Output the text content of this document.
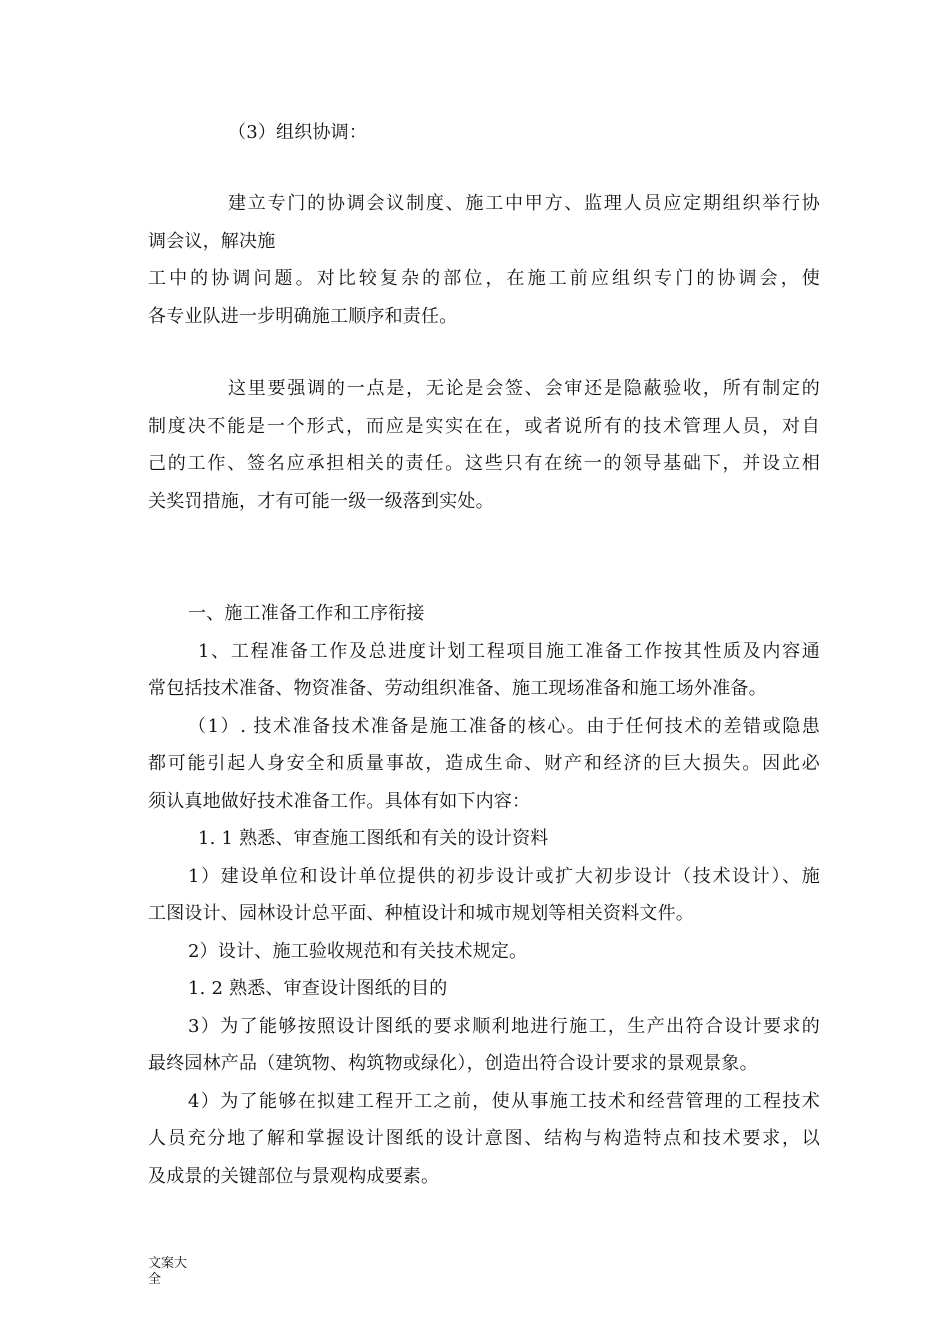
（3）组织协调：
建立专门的协调会议制度、施工中甲方、监理人员应定期组织举行协
调会议，解决施
工中的协调问题。对比较复杂的部位，在施工前应组织专门的协调会，使
各专业队进一步明确施工顺序和责任。
这里要强调的一点是，无论是会签、会审还是隐蔽验收，所有制定的
制度决不能是一个形式，而应是实实在在，或者说所有的技术管理人员，对自
己的工作、签名应承担相关的责任。这些只有在统一的领导基础下，并设立相
关奖罚措施，才有可能一级一级落到实处。
一、施工准备工作和工序衔接
1、工程准备工作及总进度计划工程项目施工准备工作按其性质及内容通
常包括技术准备、物资准备、劳动组织准备、施工现场准备和施工场外准备。
（1）. 技术准备技术准备是施工准备的核心。由于任何技术的差错或隐患
都可能引起人身安全和质量事故，造成生命、财产和经济的巨大损失。因此必
须认真地做好技术准备工作。具体有如下内容：
1. 1 熟悉、审查施工图纸和有关的设计资料
1）建设单位和设计单位提供的初步设计或扩大初步设计（技术设计）、施
工图设计、园林设计总平面、种植设计和城市规划等相关资料文件。
2）设计、施工验收规范和有关技术规定。
1. 2 熟悉、审查设计图纸的目的
3）为了能够按照设计图纸的要求顺利地进行施工，生产出符合设计要求的
最终园林产品（建筑物、构筑物或绿化），创造出符合设计要求的景观景象。
4）为了能够在拟建工程开工之前，使从事施工技术和经营管理的工程技术
人员充分地了解和掌握设计图纸的设计意图、结构与构造特点和技术要求，以
及成景的关键部位与景观构成要素。
文案大
全
